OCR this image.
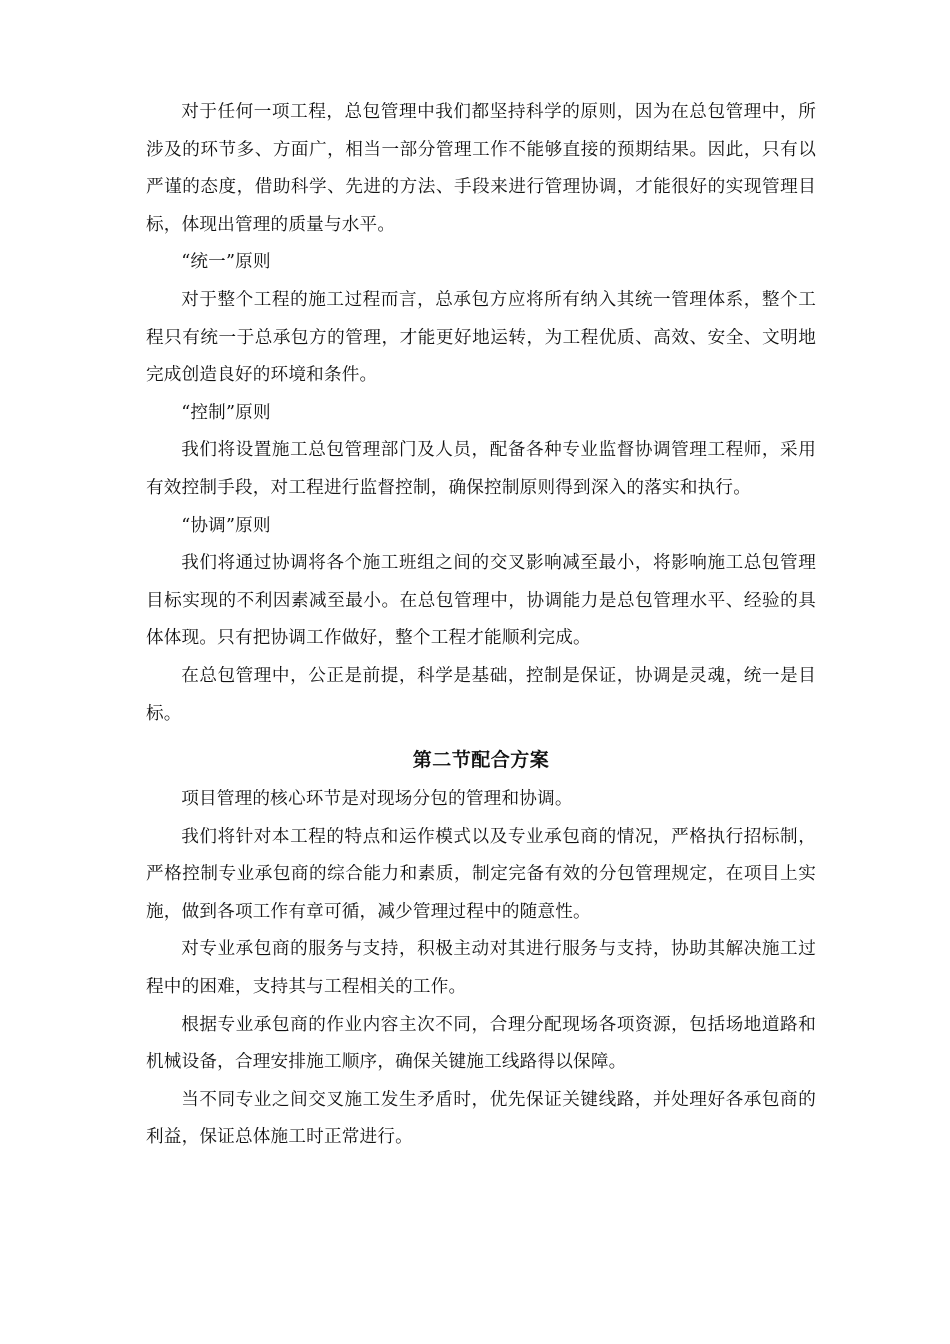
对于任何一项工程，总包管理中我们都坚持科学的原则，因为在总包管理中，所涉及的环节多、方面广，相当一部分管理工作不能够直接的预期结果。因此，只有以严谨的态度，借助科学、先进的方法、手段来进行管理协调，才能很好的实现管理目标，体现出管理的质量与水平。

“统一”原则

对于整个工程的施工过程而言，总承包方应将所有纳入其统一管理体系，整个工程只有统一于总承包方的管理，才能更好地运转，为工程优质、高效、安全、文明地完成创造良好的环境和条件。

“控制”原则

我们将设置施工总包管理部门及人员，配备各种专业监督协调管理工程师，采用有效控制手段，对工程进行监督控制，确保控制原则得到深入的落实和执行。

“协调”原则

我们将通过协调将各个施工班组之间的交叉影响减至最小，将影响施工总包管理目标实现的不利因素减至最小。在总包管理中，协调能力是总包管理水平、经验的具体体现。只有把协调工作做好，整个工程才能顺利完成。

在总包管理中，公正是前提，科学是基础，控制是保证，协调是灵魂，统一是目标。

第二节配合方案

项目管理的核心环节是对现场分包的管理和协调。

我们将针对本工程的特点和运作模式以及专业承包商的情况，严格执行招标制，严格控制专业承包商的综合能力和素质，制定完备有效的分包管理规定，在项目上实施，做到各项工作有章可循，减少管理过程中的随意性。

对专业承包商的服务与支持，积极主动对其进行服务与支持，协助其解决施工过程中的困难，支持其与工程相关的工作。

根据专业承包商的作业内容主次不同，合理分配现场各项资源，包括场地道路和机械设备，合理安排施工顺序，确保关键施工线路得以保障。

当不同专业之间交叉施工发生矛盾时，优先保证关键线路，并处理好各承包商的利益，保证总体施工时正常进行。
